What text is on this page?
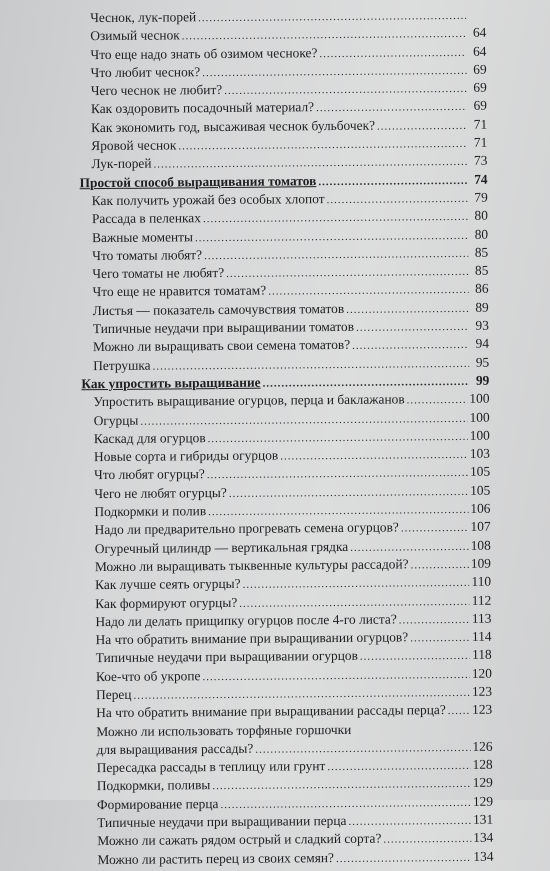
Чеснок, лук-порей
.....
Озимый чеснок .....	64
Что еще надо знать об озимом чесноке? .....	64
Что любит чеснок? .....	69
Чего чеснок не любит? .....	69
Как оздоровить посадочный материал? .....	69
Как экономить год, высаживая чеснок бульбочек? .....	71
Яровой чеснок .....	71
Лук-порей .....	73
Простой способ выращивания томатов .....	74
Как получить урожай без особых хлопот .....	79
Рассада в пеленках .....	80
Важные моменты .....	80
Что томаты любят? .....	85
Чего томаты не любят? .....	85
Что еще не нравится томатам? .....	86
Листья — показатель самочувствия томатов .....	89
Типичные неудачи при выращивании томатов .....	93
Можно ли выращивать свои семена томатов? .....	94
Петрушка .....	95
Как упростить выращивание .....	99
Упростить выращивание огурцов, перца и баклажанов .....	100
Огурцы .....	100
Каскад для огурцов .....	100
Новые сорта и гибриды огурцов .....	103
Что любят огурцы? .....	105
Чего не любят огурцы? .....	105
Подкормки и полив .....	106
Надо ли предварительно прогревать семена огурцов? .....	107
Огуречный цилиндр — вертикальная грядка .....	108
Можно ли выращивать тыквенные культуры рассадой? .....	109
Как лучше сеять огурцы? .....	110
Как формируют огурцы? .....	112
Надо ли делать прищипку огурцов после 4-го листа? .....	113
На что обратить внимание при выращивании огурцов? .....	114
Типичные неудачи при выращивании огурцов .....	118
Кое-что об укропе .....	120
Перец .....	123
На что обратить внимание при выращивании рассады перца? ..... 123
Можно ли использовать торфяные горшочки
для выращивания рассады? .....	126
Пересадка рассады в теплицу или грунт .....	128
Подкормки, поливы .....	129
Формирование перца .....	129
Типичные неудачи при выращивании перца .....	131
Можно ли сажать рядом острый и сладкий сорта? .....	134
Можно ли растить перец из своих семян? .....	134
